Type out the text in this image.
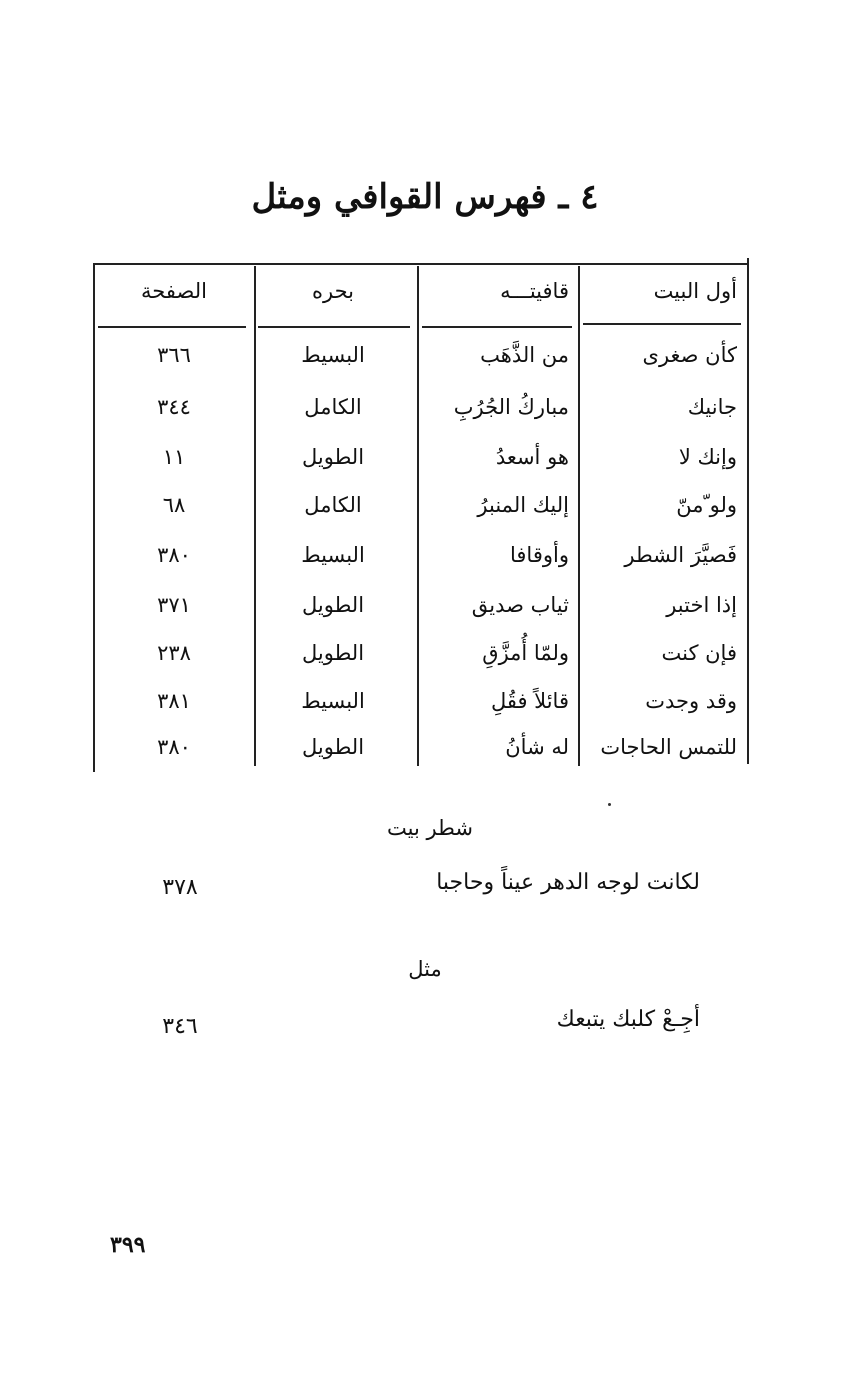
٤ ـ فهرس القوافي ومثل
أول البيت
قافيتـــه
بحره
الصفحة
كأن صغرى
من الذَّهَب
البسيط
٣٦٦
جانيك
مباركُ الجُرُبِ
الكامل
٣٤٤
وإنك لا
هو أسعدُ
الطويل
١١
ولو ّمنّ
إليك المنبرُ
الكامل
٦٨
فَصيَّرَ الشطر
وأوقافا
البسيط
٣٨٠
إذا اختبر
ثياب صديق
الطويل
٣٧١
فإن كنت
ولمّا أُمزَّقِ
الطويل
٢٣٨
وقد وجدت
قائلاً فقُلِ
البسيط
٣٨١
للتمس الحاجات
له شأنُ
الطويل
٣٨٠
شطر بيت
لكانت لوجه الدهر عيناً وحاجبا
٣٧٨
مثل
أجِـعْ كلبك يتبعك
٣٤٦
٣٩٩
